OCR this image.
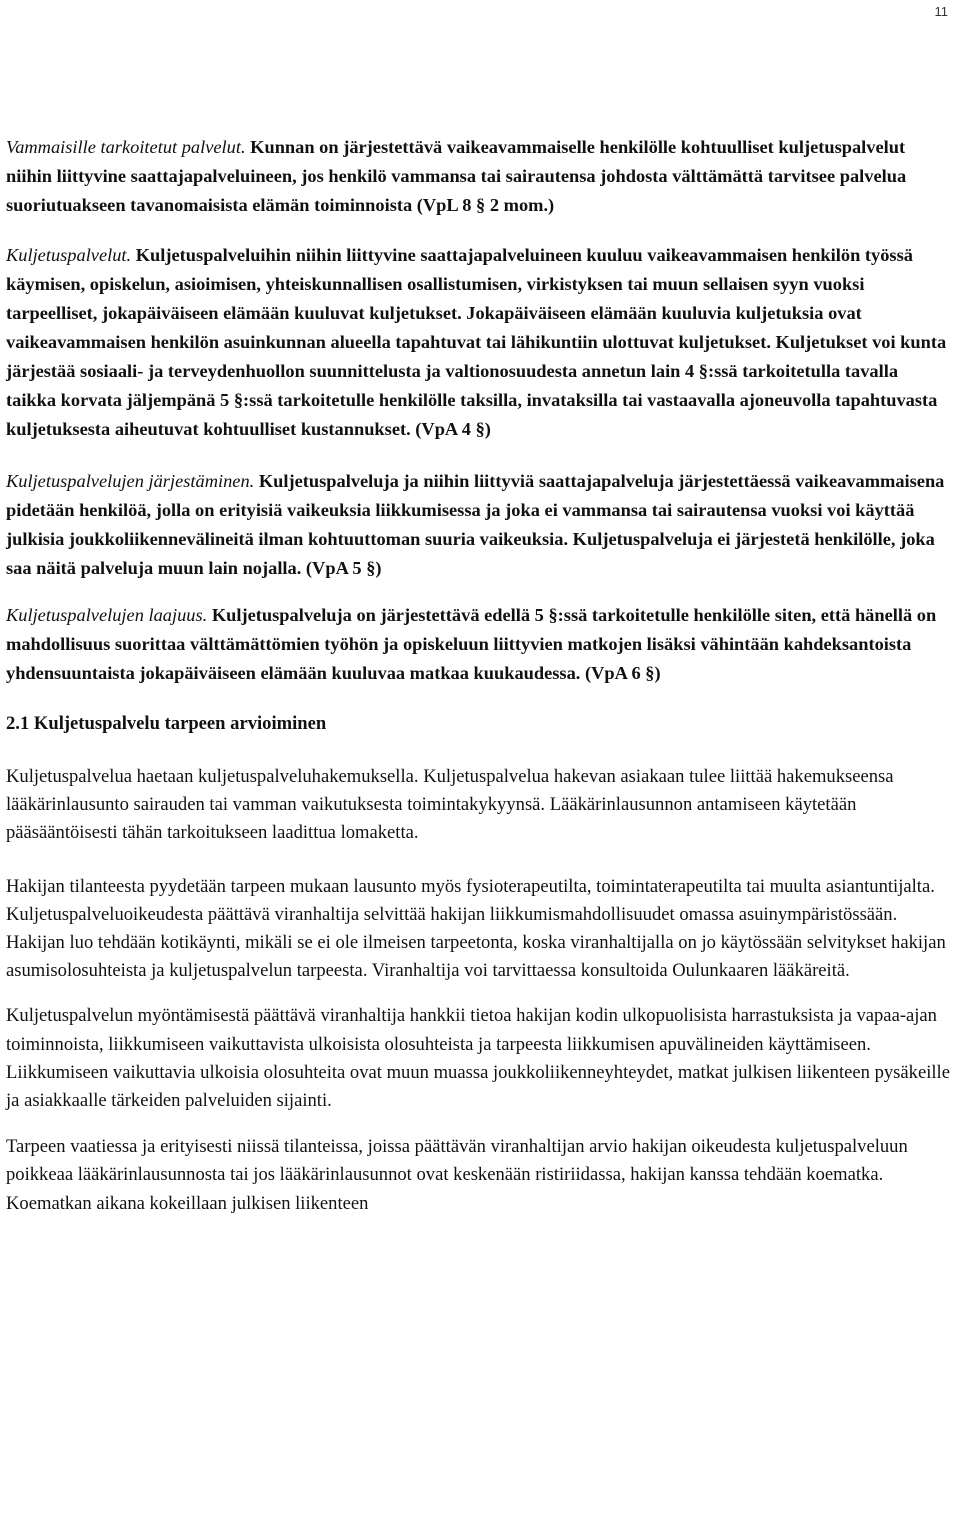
11

Vammaisille tarkoitetut palvelut. Kunnan on järjestettävä vaikeavammaiselle henkilölle kohtuulliset kuljetuspalvelut niihin liittyvine saattajapalveluineen, jos henkilö vammansa tai sairautensa johdosta välttämättä tarvitsee palvelua suoriutuakseen tavanomaisista elämän toiminnoista (VpL 8 § 2 mom.)

Kuljetuspalvelut. Kuljetuspalveluihin niihin liittyvine saattajapalveluineen kuuluu vaikeavammaisen henkilön työssä käymisen, opiskelun, asioimisen, yhteiskunnallisen osallistumisen, virkistyksen tai muun sellaisen syyn vuoksi tarpeelliset, jokapäiväiseen elämään kuuluvat kuljetukset. Jokapäiväiseen elämään kuuluvia kuljetuksia ovat vaikeavammaisen henkilön asuinkunnan alueella tapahtuvat tai lähikuntiin ulottuvat kuljetukset. Kuljetukset voi kunta järjestää sosiaali- ja terveydenhuollon suunnittelusta ja valtionosuudesta annetun lain 4 §:ssä tarkoitetulla tavalla taikka korvata jäljempänä 5 §:ssä tarkoitetulle henkilölle taksilla, invataksilla tai vastaavalla ajoneuvolla tapahtuvasta kuljetuksesta aiheutuvat kohtuulliset kustannukset. (VpA 4 §)

Kuljetuspalvelujen järjestäminen. Kuljetuspalveluja ja niihin liittyviä saattajapalveluja järjestettäessä vaikeavammaisena pidetään henkilöä, jolla on erityisiä vaikeuksia liikkumisessa ja joka ei vammansa tai sairautensa vuoksi voi käyttää julkisia joukkoliikennevälineitä ilman kohtuuttoman suuria vaikeuksia. Kuljetuspalveluja ei järjestetä henkilölle, joka saa näitä palveluja muun lain nojalla. (VpA 5 §)

Kuljetuspalvelujen laajuus. Kuljetuspalveluja on järjestettävä edellä 5 §:ssä tarkoitetulle henkilölle siten, että hänellä on mahdollisuus suorittaa välttämättömien työhön ja opiskeluun liittyvien matkojen lisäksi vähintään kahdeksantoista yhdensuuntaista jokapäiväiseen elämään kuuluvaa matkaa kuukaudessa. (VpA 6 §)

2.1 Kuljetuspalvelu tarpeen arvioiminen

Kuljetuspalvelua haetaan kuljetuspalveluhakemuksella. Kuljetuspalvelua hakevan asiakaan tulee liittää hakemukseensa lääkärinlausunto sairauden tai vamman vaikutuksesta toimintakykyynsä. Lääkärinlausunnon antamiseen käytetään pääsääntöisesti tähän tarkoitukseen laadittua lomaketta.

Hakijan tilanteesta pyydetään tarpeen mukaan lausunto myös fysioterapeutilta, toimintaterapeutilta tai muulta asiantuntijalta. Kuljetuspalveluoikeudesta päättävä viranhaltija selvittää hakijan liikkumismahdollisuudet omassa asuinympäristössään. Hakijan luo tehdään kotikäynti, mikäli se ei ole ilmeisen tarpeetonta, koska viranhaltijalla on jo käytössään selvitykset hakijan asumisolosuhteista ja kuljetuspalvelun tarpeesta. Viranhaltija voi tarvittaessa konsultoida Oulunkaaren lääkäreitä.

Kuljetuspalvelun myöntämisestä päättävä viranhaltija hankkii tietoa hakijan kodin ulkopuolisista harrastuksista ja vapaa-ajan toiminnoista, liikkumiseen vaikuttavista ulkoisista olosuhteista ja tarpeesta liikkumisen apuvälineiden käyttämiseen. Liikkumiseen vaikuttavia ulkoisia olosuhteita ovat muun muassa joukkoliikenneyhteydet, matkat julkisen liikenteen pysäkeille ja asiakkaalle tärkeiden palveluiden sijainti.

Tarpeen vaatiessa ja erityisesti niissä tilanteissa, joissa päättävän viranhaltijan arvio hakijan oikeudesta kuljetuspalveluun poikkeaa lääkärinlausunnosta tai jos lääkärinlausunnot ovat keskenään ristiriidassa, hakijan kanssa tehdään koematka. Koematkan aikana kokeillaan julkisen liikenteen
